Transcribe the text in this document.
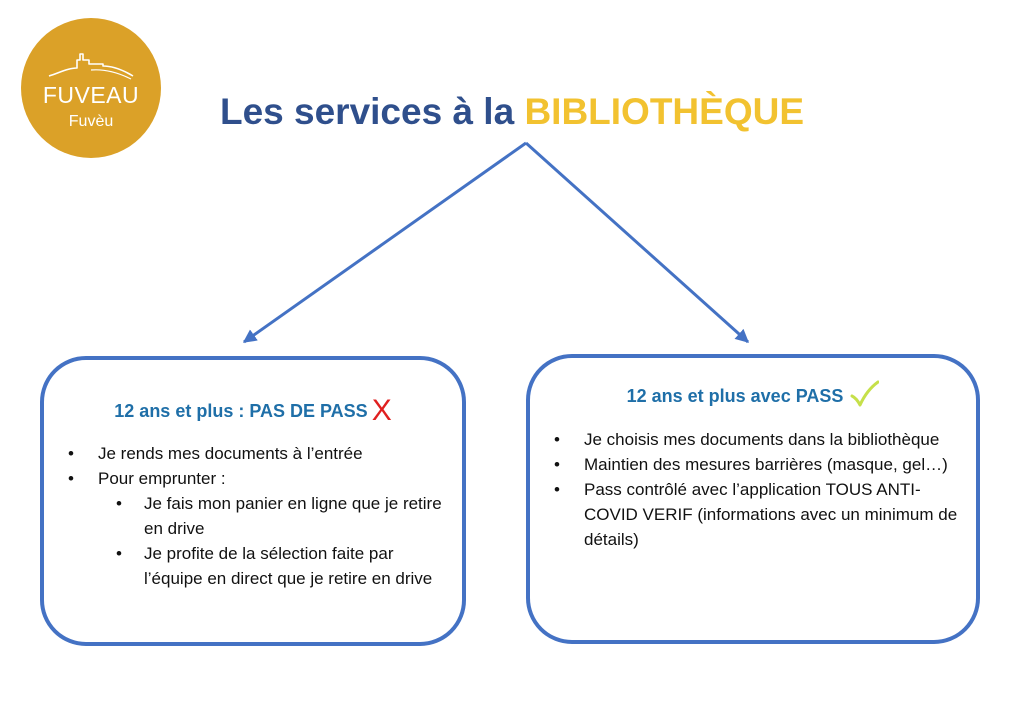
FUVEAU
Fuvèu	Les services à la BIBLIOTHÈQUE
12 ans et plus : PAS DE PASS X
• Je rends mes documents à l’entrée
• Pour emprunter :
• Je fais mon panier en ligne que je retire en drive
• Je profite de la sélection faite par l’équipe en direct que je retire en drive
12 ans et plus avec PASS
• Je choisis mes documents dans la bibliothèque
• Maintien des mesures barrières (masque, gel…)
• Pass contrôlé avec l’application TOUS ANTI-COVID VERIF (informations avec un minimum de détails)
